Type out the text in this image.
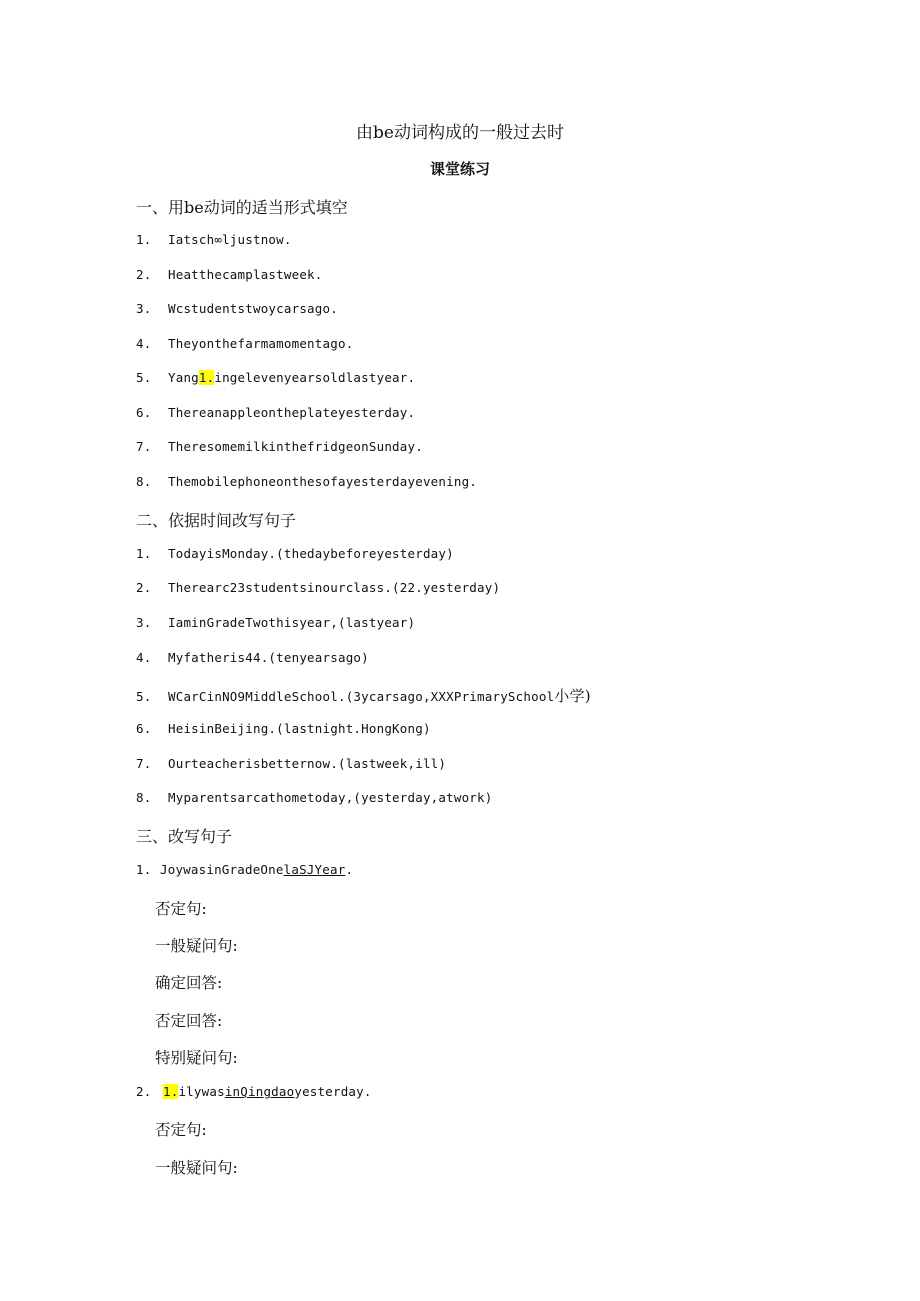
由be动词构成的一般过去时
课堂练习
一、用be动词的适当形式填空
1. Iatsch∞ljustnow.
2. Heatthecamplastweek.
3. Wcstudentstwoycarsago.
4. Theyonthefarmamomentago.
5. Yang1.ingelevenyearsoldlastyear.
6. Thereanappleontheplateyesterday.
7. TheresomemilkinthefridgeonSunday.
8. Themobilephoneonthesofayesterdayevening.
二、依据时间改写句子
1. TodayisMonday.(thedaybeforeyesterday)
2. Therearc23studentsinourclass.(22.yesterday)
3. IaminGradeTwothisyear,(lastyear)
4. Myfatheris44.(tenyearsago)
5. WCarCinNO9MiddleSchool.(3ycarsago,XXXPrimarySchool小学)
6. HeisinBeijing.(lastnight.HongKong)
7. Ourteacherisbetternow.(lastweek,ill)
8. Myparentsarcathometoday,(yesterday,atwork)
三、改写句子
1. JoywasinGradeOnelaSJYear.
否定句:
一般疑问句:
确定回答:
否定回答:
特别疑问句:
2. 1.ilywasinQingdaoyesterday.
否定句:
一般疑问句:
